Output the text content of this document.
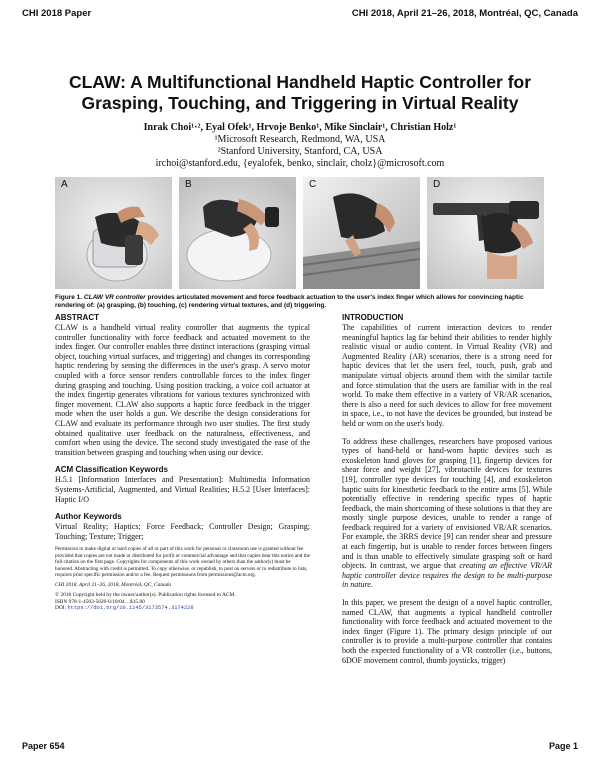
CHI 2018 Paper	CHI 2018, April 21–26, 2018, Montréal, QC, Canada
CLAW: A Multifunctional Handheld Haptic Controller for
Grasping, Touching, and Triggering in Virtual Reality
Inrak Choi¹·², Eyal Ofek¹, Hrvoje Benko¹, Mike Sinclair¹, Christian Holz¹
¹Microsoft Research, Redmond, WA, USA
²Stanford University, Stanford, CA, USA
irchoi@stanford.edu, {eyalofek, benko, sinclair, cholz}@microsoft.com
A	B	C	D
Figure 1. CLAW VR controller provides articulated movement and force feedback actuation to the user's index finger which allows for convincing haptic rendering of: (a) grasping, (b) touching, (c) rendering virtual textures, and (d) triggering.
ABSTRACT

CLAW is a handheld virtual reality controller that augments the typical controller functionality with force feedback and actuated movement to the index finger. Our controller enables three distinct interactions (grasping virtual object, touching virtual surfaces, and triggering) and changes its corresponding haptic rendering by sensing the differences in the user's grasp. A servo motor coupled with a force sensor renders controllable forces to the index finger during grasping and touching. Using position tracking, a voice coil actuator at the index fingertip generates vibrations for various textures synchronized with finger movement. CLAW also supports a haptic force feedback in the trigger mode when the user holds a gun. We describe the design considerations for CLAW and evaluate its performance through two user studies. The first study obtained qualitative user feedback on the naturalness, effectiveness, and comfort when using the device. The second study investigated the ease of the transition between grasping and touching when using our device.

ACM Classification Keywords

H.5.1 [Information Interfaces and Presentation]: Multimedia Information Systems-Artificial, Augmented, and Virtual Realities; H.5.2 [User Interfaces]: Haptic I/O

Author Keywords

Virtual Reality; Haptics; Force Feedback; Controller Design; Grasping; Touching; Texture; Trigger;

Permission to make digital or hard copies of all or part of this work for personal or classroom use is granted without fee provided that copies are not made or distributed for profit or commercial advantage and that copies bear this notice and the full citation on the first page. Copyrights for components of this work owned by others than the author(s) must be honored. Abstracting with credit is permitted. To copy otherwise, or republish, to post on servers or to redistribute to lists, requires prior specific permission and/or a fee. Request permissions from permissions@acm.org.

CHI 2018, April 21–26, 2018, Montréal, QC, Canada

© 2018 Copyright held by the owner/author(s). Publication rights licensed to ACM.

ISBN 978-1-4503-5620-6/18/04…$15.00

DOI: https://doi.org/10.1145/3173574.3174228

INTRODUCTION

The capabilities of current interaction devices to render meaningful haptics lag far behind their abilities to render highly realistic visual or audio content. In Virtual Reality (VR) and Augmented Reality (AR) scenarios, there is a strong need for haptic devices that let the users feel, touch, push, grab and manipulate virtual objects around them with the similar tactile and force stimulation that the users are familiar with in the real world. To make them effective in a variety of VR/AR scenarios, there is also a need for such devices to allow for free movement in space, i.e., to not have the devices be grounded, but instead be held or worn on the user's body.

To address these challenges, researchers have proposed various types of hand-held or hand-worn haptic devices such as exoskeleton hand gloves for grasping [1], fingertip devices for shear force and weight [27], vibrotactile devices for textures [19], controller type devices for touching [4], and exoskeleton haptic suits for kinesthetic feedback to the entire arms [5]. While potentially effective in rendering specific types of haptic feedback, the main shortcoming of these solutions is that they are mostly single purpose devices, unable to render a range of feedback required for a variety of envisioned VR/AR scenarios. For example, the 3RRS device [9] can render shear and pressure at each fingertip, but is unable to render forces between fingers and is thus unable to effectively simulate grasping soft or hard objects. In contrast, we argue that creating an effective VR/AR haptic controller device requires the design to be multi-purpose in nature.

In this paper, we present the design of a novel haptic controller, named CLAW, that augments a typical handheld controller functionality with force feedback and actuated movement to the index finger (Figure 1). The primary design principle of our controller is to provide a multi-purpose controller that contains both the expected functionality of a VR controller (i.e., buttons, 6DOF movement control, thumb joysticks, trigger)

Paper 654	Page 1
